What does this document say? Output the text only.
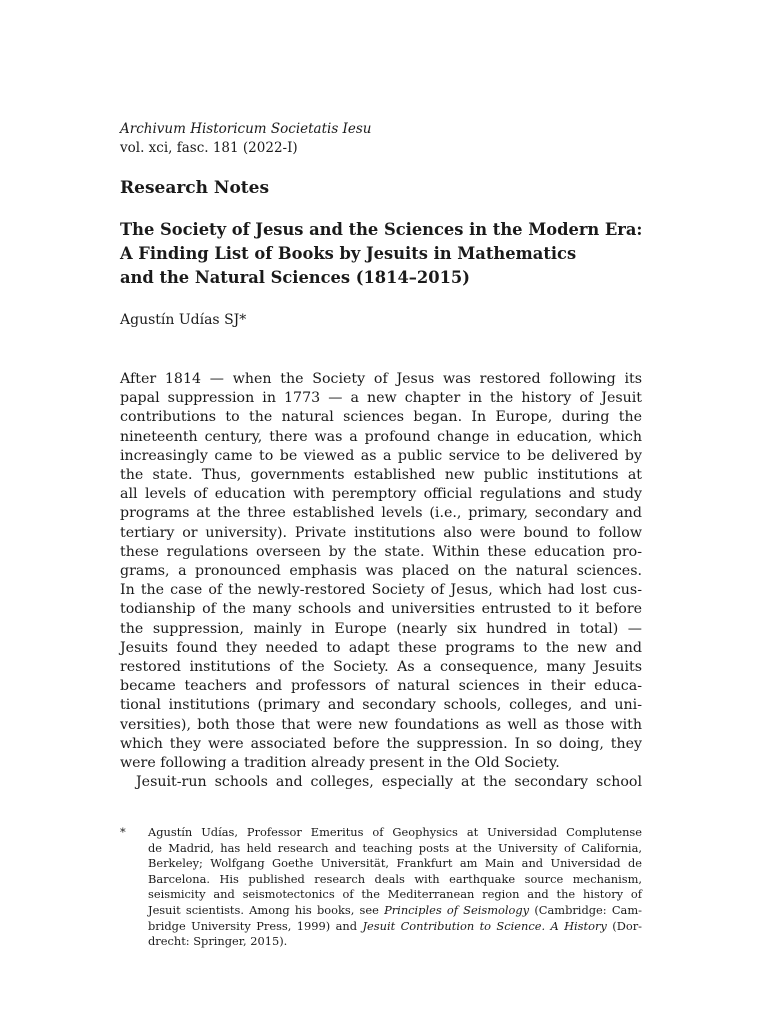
Archivum Historicum Societatis Iesu

vol. xci, fasc. 181 (2022-I)

Research Notes
The Society of Jesus and the Sciences in the Modern Era:
A Finding List of Books by Jesuits in Mathematics
and the Natural Sciences (1814–2015)

Agustín Udías SJ*

After 1814 — when the Society of Jesus was restored following its
papal suppression in 1773 — a new chapter in the history of Jesuit
contributions to the natural sciences began. In Europe, during the
nineteenth century, there was a profound change in education, which
increasingly came to be viewed as a public service to be delivered by
the state. Thus, governments established new public institutions at
all levels of education with peremptory official regulations and study
programs at the three established levels (i.e., primary, secondary and
tertiary or university). Private institutions also were bound to follow
these regulations overseen by the state. Within these education pro-
grams, a pronounced emphasis was placed on the natural sciences.
In the case of the newly-restored Society of Jesus, which had lost cus-
todianship of the many schools and universities entrusted to it before
the suppression, mainly in Europe (nearly six hundred in total) —
Jesuits found they needed to adapt these programs to the new and
restored institutions of the Society. As a consequence, many Jesuits
became teachers and professors of natural sciences in their educa-
tional institutions (primary and secondary schools, colleges, and uni-
versities), both those that were new foundations as well as those with
which they were associated before the suppression. In so doing, they
were following a tradition already present in the Old Society.
Jesuit-run schools and colleges, especially at the secondary school
* Agustín Udías, Professor Emeritus of Geophysics at Universidad Complutense
de Madrid, has held research and teaching posts at the University of California,
Berkeley; Wolfgang Goethe Universität, Frankfurt am Main and Universidad de
Barcelona. His published research deals with earthquake source mechanism,
seismicity and seismotectonics of the Mediterranean region and the history of
Jesuit scientists. Among his books, see Principles of Seismology (Cambridge: Cam-
bridge University Press, 1999) and Jesuit Contribution to Science. A History (Dor-
drecht: Springer, 2015).
